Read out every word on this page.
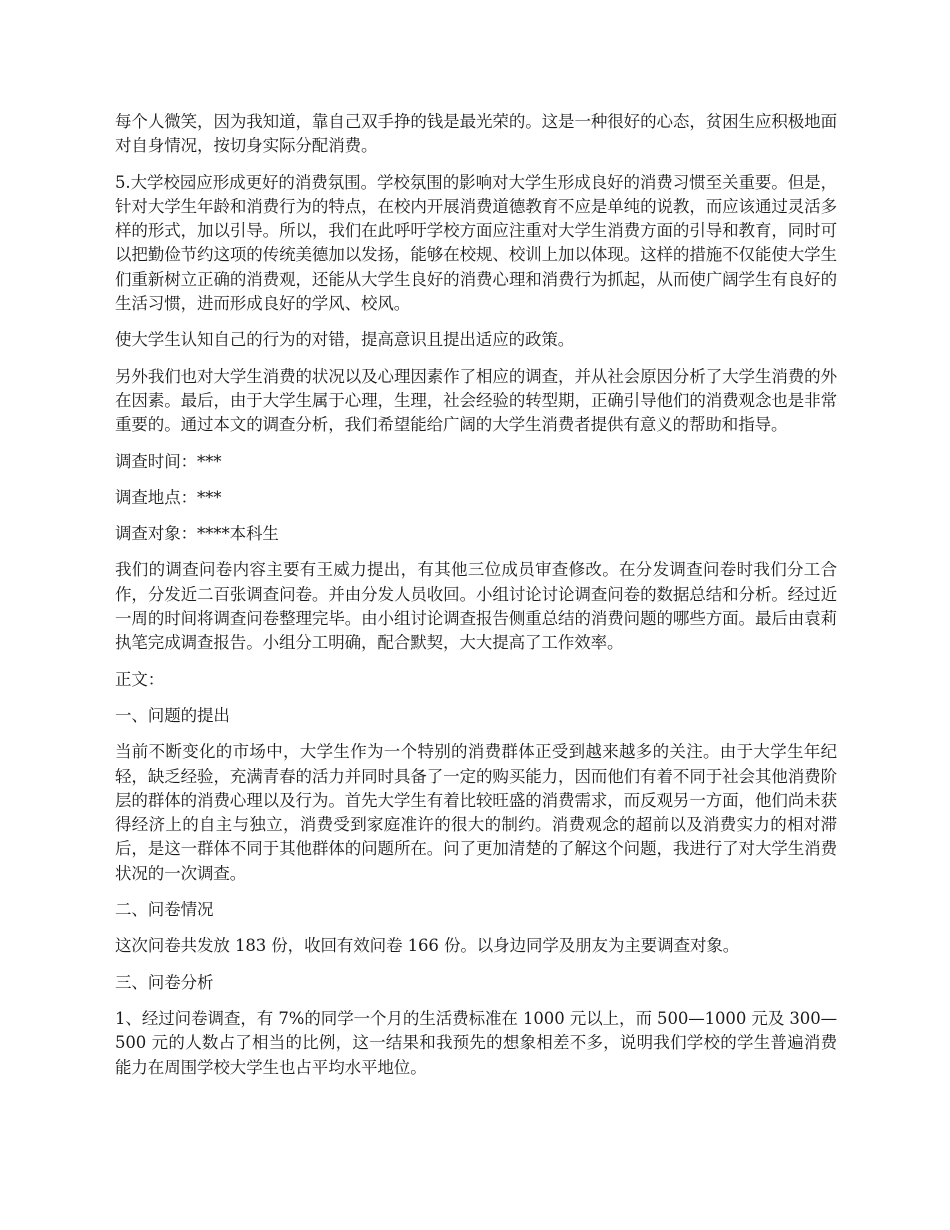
每个人微笑，因为我知道，靠自己双手挣的钱是最光荣的。这是一种很好的心态，贫困生应积极地面对自身情况，按切身实际分配消费。

5.大学校园应形成更好的消费氛围。学校氛围的影响对大学生形成良好的消费习惯至关重要。但是，针对大学生年龄和消费行为的特点，在校内开展消费道德教育不应是单纯的说教，而应该通过灵活多样的形式，加以引导。所以，我们在此呼吁学校方面应注重对大学生消费方面的引导和教育，同时可以把勤俭节约这项的传统美德加以发扬，能够在校规、校训上加以体现。这样的措施不仅能使大学生们重新树立正确的消费观，还能从大学生良好的消费心理和消费行为抓起，从而使广阔学生有良好的生活习惯，进而形成良好的学风、校风。

使大学生认知自己的行为的对错，提高意识且提出适应的政策。

另外我们也对大学生消费的状况以及心理因素作了相应的调查，并从社会原因分析了大学生消费的外在因素。最后，由于大学生属于心理，生理，社会经验的转型期，正确引导他们的消费观念也是非常重要的。通过本文的调查分析，我们希望能给广阔的大学生消费者提供有意义的帮助和指导。

调查时间：***

调查地点：***

调查对象：****本科生

我们的调查问卷内容主要有王威力提出，有其他三位成员审查修改。在分发调查问卷时我们分工合作，分发近二百张调查问卷。并由分发人员收回。小组讨论讨论调查问卷的数据总结和分析。经过近一周的时间将调查问卷整理完毕。由小组讨论调查报告侧重总结的消费问题的哪些方面。最后由袁莉执笔完成调查报告。小组分工明确，配合默契，大大提高了工作效率。

正文：

一、问题的提出

当前不断变化的市场中，大学生作为一个特别的消费群体正受到越来越多的关注。由于大学生年纪轻，缺乏经验，充满青春的活力并同时具备了一定的购买能力，因而他们有着不同于社会其他消费阶层的群体的消费心理以及行为。首先大学生有着比较旺盛的消费需求，而反观另一方面，他们尚未获得经济上的自主与独立，消费受到家庭准许的很大的制约。消费观念的超前以及消费实力的相对滞后，是这一群体不同于其他群体的问题所在。问了更加清楚的了解这个问题，我进行了对大学生消费状况的一次调查。

二、问卷情况

这次问卷共发放 183 份，收回有效问卷 166 份。以身边同学及朋友为主要调查对象。

三、问卷分析

1、经过问卷调查，有 7%的同学一个月的生活费标准在 1000 元以上，而 500—1000 元及 300—500 元的人数占了相当的比例，这一结果和我预先的想象相差不多，说明我们学校的学生普遍消费能力在周围学校大学生也占平均水平地位。
